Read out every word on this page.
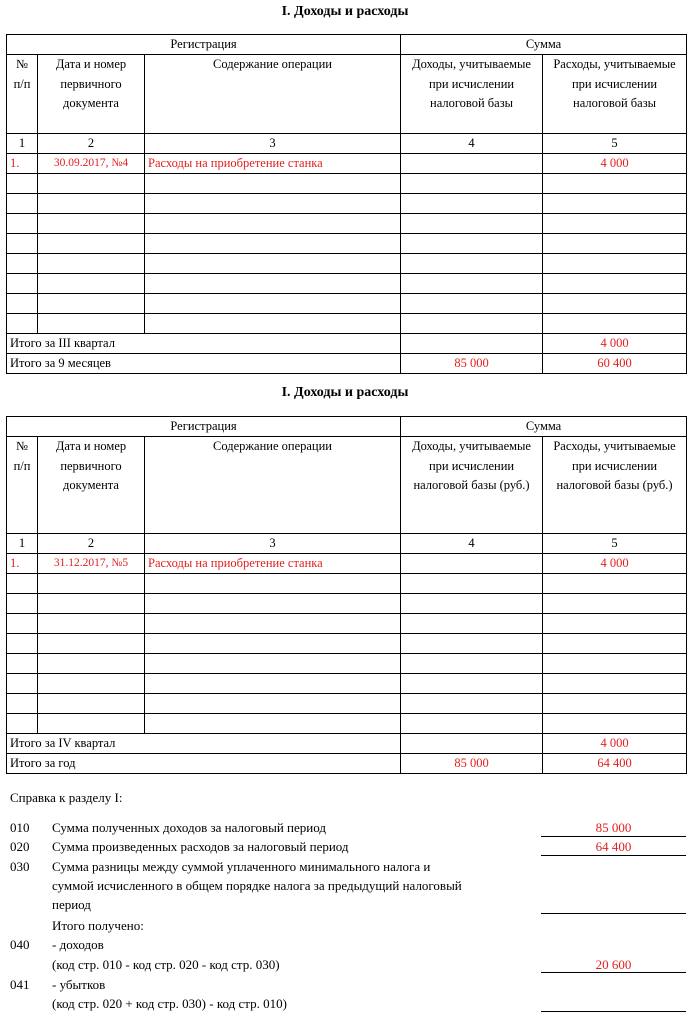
I. Доходы и расходы
Регистрация			Сумма	
№ п/п	Дата и номер первичного документа	Содержание операции	Доходы, учитываемые при исчислении налоговой базы	Расходы, учитываемые при исчислении налоговой базы
1	2	3	4	5
1.	30.09.2017, №4	Расходы на приобретение станка		4 000

Итого за III квартал				4 000
Итого за 9 месяцев			85 000	60 400
I. Доходы и расходы
Регистрация			Сумма	
№ п/п	Дата и номер первичного документа	Содержание операции	Доходы, учитываемые при исчислении налоговой базы (руб.)	Расходы, учитываемые при исчислении налоговой базы (руб.)
1	2	3	4	5
1.	31.12.2017, №5	Расходы на приобретение станка		4 000

Итого за IV квартал				4 000
Итого за год			85 000	64 400
Справка к разделу I:
010 Сумма полученных доходов за налоговый период	85 000
020 Сумма произведенных расходов за налоговый период	64 400
030 Сумма разницы между суммой уплаченного минимального налога и
суммой исчисленного в общем порядке налога за предыдущий налоговый
период
Итого получено:
040 - доходов
(код стр. 010 - код стр. 020 - код стр. 030)	20 600
041 - убытков
(код стр. 020 + код стр. 030) - код стр. 010)
